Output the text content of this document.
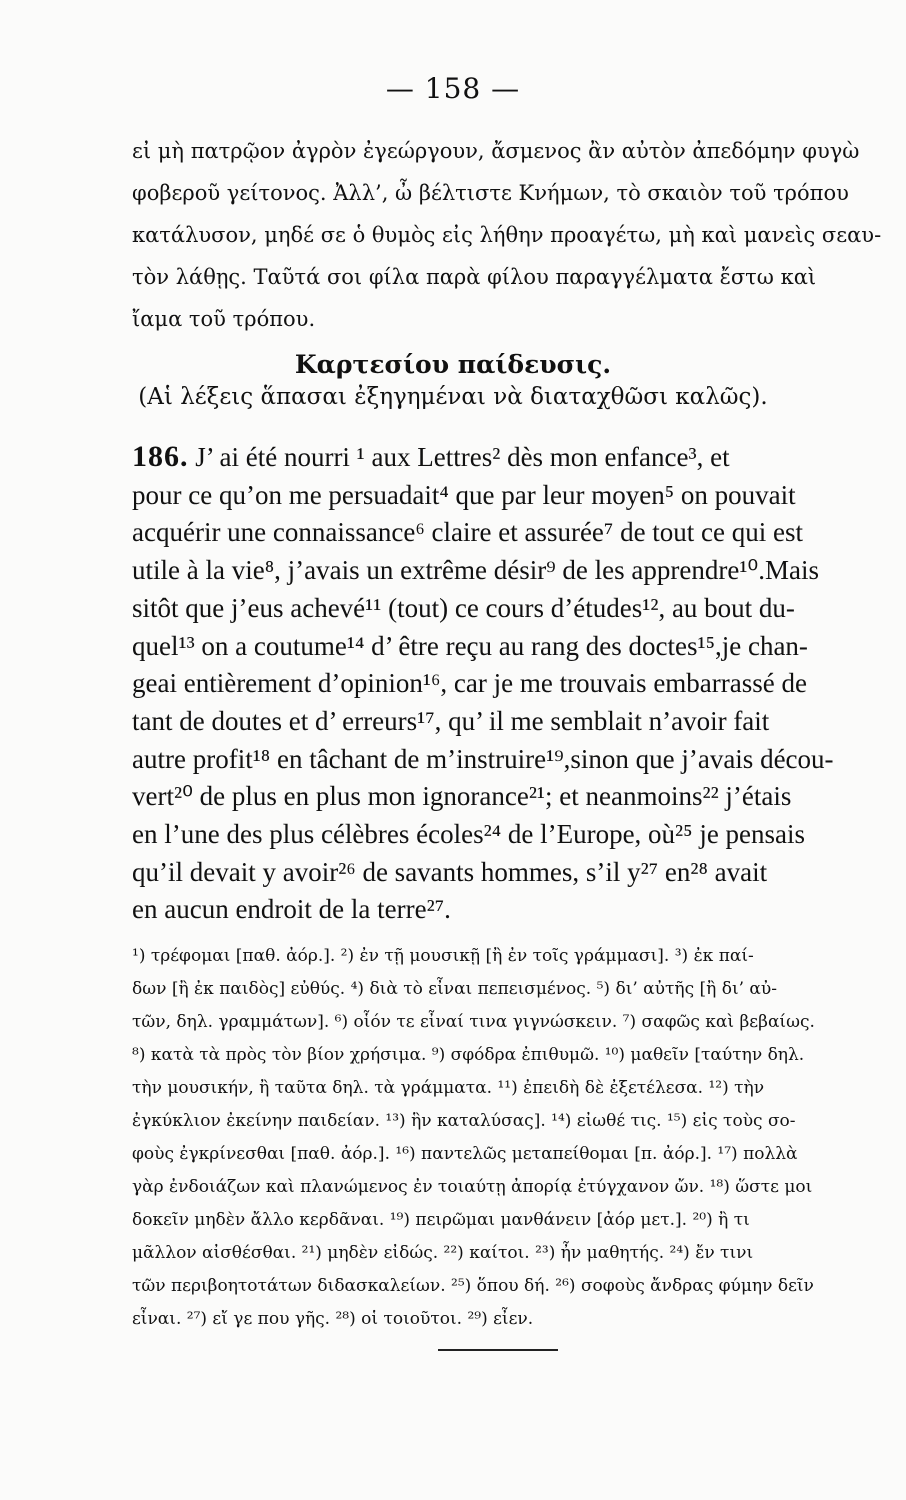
— 158 —
εἰ μὴ πατρῷον ἀγρὸν ἐγεώργουν, ἄσμενος ἂν αὐτὸν ἀπεδόμην φυγὼ
φοβεροῦ γείτονος. Ἀλλ’, ὦ βέλτιστε Κνήμων, τὸ σκαιὸν τοῦ τρόπου
κατάλυσον, μηδέ σε ὁ θυμὸς εἰς λήθην προαγέτω, μὴ καὶ μανεὶς σεαυ-
τὸν λάθῃς. Ταῦτά σοι φίλα παρὰ φίλου παραγγέλματα ἔστω καὶ
ἴαμα τοῦ τρόπου.
Καρτεσίου παίδευσις.
(Αἱ λέξεις ἅπασαι ἐξηγημέναι νὰ διαταχθῶσι καλῶς).
186. J’ ai été nourri ¹ aux Lettres² dès mon enfance³, et
pour ce qu’on me persuadait⁴ que par leur moyen⁵ on pouvait
acquérir une connaissance⁶ claire et assurée⁷ de tout ce qui est
utile à la vie⁸, j’avais un extrême désir⁹ de les apprendre¹⁰.Mais
sitôt que j’eus achevé¹¹ (tout) ce cours d’études¹², au bout du-
quel¹³ on a coutume¹⁴ d’ être reçu au rang des doctes¹⁵,je chan-
geai entièrement d’opinion¹⁶, car je me trouvais embarrassé de
tant de doutes et d’ erreurs¹⁷, qu’ il me semblait n’avoir fait
autre profit¹⁸ en tâchant de m’instruire¹⁹,sinon que j’avais décou-
vert²⁰ de plus en plus mon ignorance²¹; et neanmoins²² j’étais
en l’une des plus célèbres écoles²⁴ de l’Europe, où²⁵ je pensais
qu’il devait y avoir²⁶ de savants hommes, s’il y²⁷ en²⁸ avait
en aucun endroit de la terre²⁷.
¹) τρέφομαι [παθ. ἀόρ.]. ²) ἐν τῇ μουσικῇ [ἢ ἐν τοῖς γράμμασι]. ³) ἐκ παί-
δων [ἢ ἐκ παιδὸς] εὐθύς. ⁴) διὰ τὸ εἶναι πεπεισμένος. ⁵) δι’ αὐτῆς [ἢ δι’ αὐ-
τῶν, δηλ. γραμμάτων]. ⁶) οἷόν τε εἶναί τινα γιγνώσκειν. ⁷) σαφῶς καὶ βεβαίως.
⁸) κατὰ τὰ πρὸς τὸν βίον χρήσιμα. ⁹) σφόδρα ἐπιθυμῶ. ¹⁰) μαθεῖν [ταύτην δηλ.
τὴν μουσικήν, ἢ ταῦτα δηλ. τὰ γράμματα. ¹¹) ἐπειδὴ δὲ ἐξετέλεσα. ¹²) τὴν
ἐγκύκλιον ἐκείνην παιδείαν. ¹³) ἣν καταλύσας]. ¹⁴) εἰωθέ τις. ¹⁵) εἰς τοὺς σο-
φοὺς ἐγκρίνεσθαι [παθ. ἀόρ.]. ¹⁶) παντελῶς μεταπείθομαι [π. ἀόρ.]. ¹⁷) πολλὰ
γὰρ ἐνδοιάζων καὶ πλανώμενος ἐν τοιαύτῃ ἀπορίᾳ ἐτύγχανον ὤν. ¹⁸) ὥστε μοι
δοκεῖν μηδὲν ἄλλο κερδᾶναι. ¹⁹) πειρῶμαι μανθάνειν [ἀόρ μετ.]. ²⁰) ἢ τι
μᾶλλον αἰσθέσθαι. ²¹) μηδὲν εἰδώς. ²²) καίτοι. ²³) ἦν μαθητής. ²⁴) ἔν τινι
τῶν περιβοητοτάτων διδασκαλείων. ²⁵) ὅπου δή. ²⁶) σοφοὺς ἄνδρας φύμην δεῖν
εἶναι. ²⁷) εἴ γε που γῆς. ²⁸) οἱ τοιοῦτοι. ²⁹) εἶεν.
